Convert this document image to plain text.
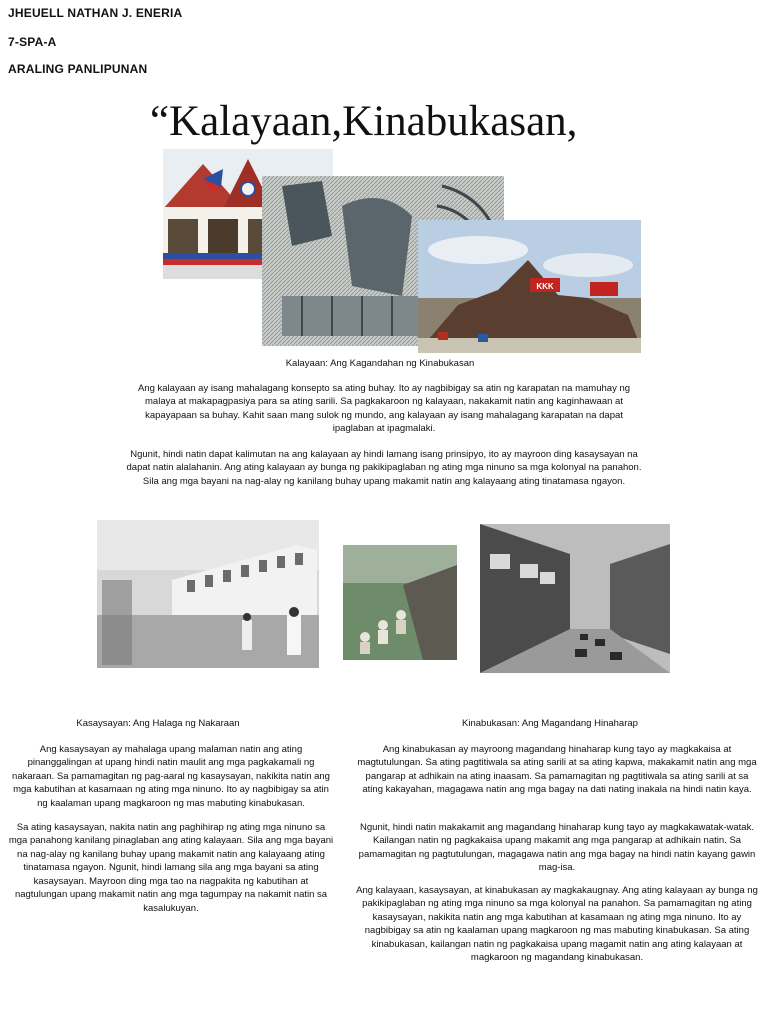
JHEUELL NATHAN J. ENERIA
7-SPA-A
ARALING PANLIPUNAN
“Kalayaan,Kinabukasan,
KKK
Kalayaan: Ang Kagandahan ng Kinabukasan

Ang kalayaan ay isang mahalagang konsepto sa ating buhay. Ito ay nagbibigay sa atin ng karapatan na mamuhay ng malaya at makapagpasiya para sa ating sarili. Sa pagkakaroon ng kalayaan, nakakamit natin ang kaginhawaan at kapayapaan sa buhay. Kahit saan mang sulok ng mundo, ang kalayaan ay isang mahalagang karapatan na dapat ipaglaban at ipagmalaki.

Ngunit, hindi natin dapat kalimutan na ang kalayaan ay hindi lamang isang prinsipyo, ito ay mayroon ding kasaysayan na dapat natin alalahanin. Ang ating kalayaan ay bunga ng pakikipaglaban ng ating mga ninuno sa mga kolonyal na panahon. Sila ang mga bayani na nag-alay ng kanilang buhay upang makamit natin ang kalayaang ating tinatamasa ngayon.

Kasaysayan: Ang Halaga ng Nakaraan

Ang kasaysayan ay mahalaga upang malaman natin ang ating pinanggalingan at upang hindi natin maulit ang mga pagkakamali ng nakaraan. Sa pamamagitan ng pag-aaral ng kasaysayan, nakikita natin ang mga kabutihan at kasamaan ng ating mga ninuno. Ito ay nagbibigay sa atin ng kaalaman upang magkaroon ng mas mabuting kinabukasan.

Sa ating kasaysayan, nakita natin ang paghihirap ng ating mga ninuno sa mga panahong kanilang pinaglaban ang ating kalayaan. Sila ang mga bayani na nag-alay ng kanilang buhay upang makamit natin ang kalayaang ating tinatamasa ngayon. Ngunit, hindi lamang sila ang mga bayani sa ating kasaysayan. Mayroon ding mga tao na nagpakita ng kabutihan at nagtulungan upang makamit natin ang mga tagumpay na nakamit natin sa kasalukuyan.

Kinabukasan: Ang Magandang Hinaharap

Ang kinabukasan ay mayroong magandang hinaharap kung tayo ay magkakaisa at magtutulungan. Sa ating pagtitiwala sa ating sarili at sa ating kapwa, makakamit natin ang mga pangarap at adhikain na ating inaasam. Sa pamamagitan ng pagtitiwala sa ating sarili at sa ating kakayahan, magagawa natin ang mga bagay na dati nating inakala na hindi natin kaya.

Ngunit, hindi natin makakamit ang magandang hinaharap kung tayo ay magkakawatak-watak. Kailangan natin ng pagkakaisa upang makamit ang mga pangarap at adhikain natin. Sa pamamagitan ng pagtutulungan, magagawa natin ang mga bagay na hindi natin kayang gawin mag-isa.

Ang kalayaan, kasaysayan, at kinabukasan ay magkakaugnay. Ang ating kalayaan ay bunga ng pakikipaglaban ng ating mga ninuno sa mga kolonyal na panahon. Sa pamamagitan ng ating kasaysayan, nakikita natin ang mga kabutihan at kasamaan ng ating mga ninuno. Ito ay nagbibigay sa atin ng kaalaman upang magkaroon ng mas mabuting kinabukasan. Sa ating kinabukasan, kailangan natin ng pagkakaisa upang magamit natin ang ating kalayaan at magkaroon ng magandang kinabukasan.
